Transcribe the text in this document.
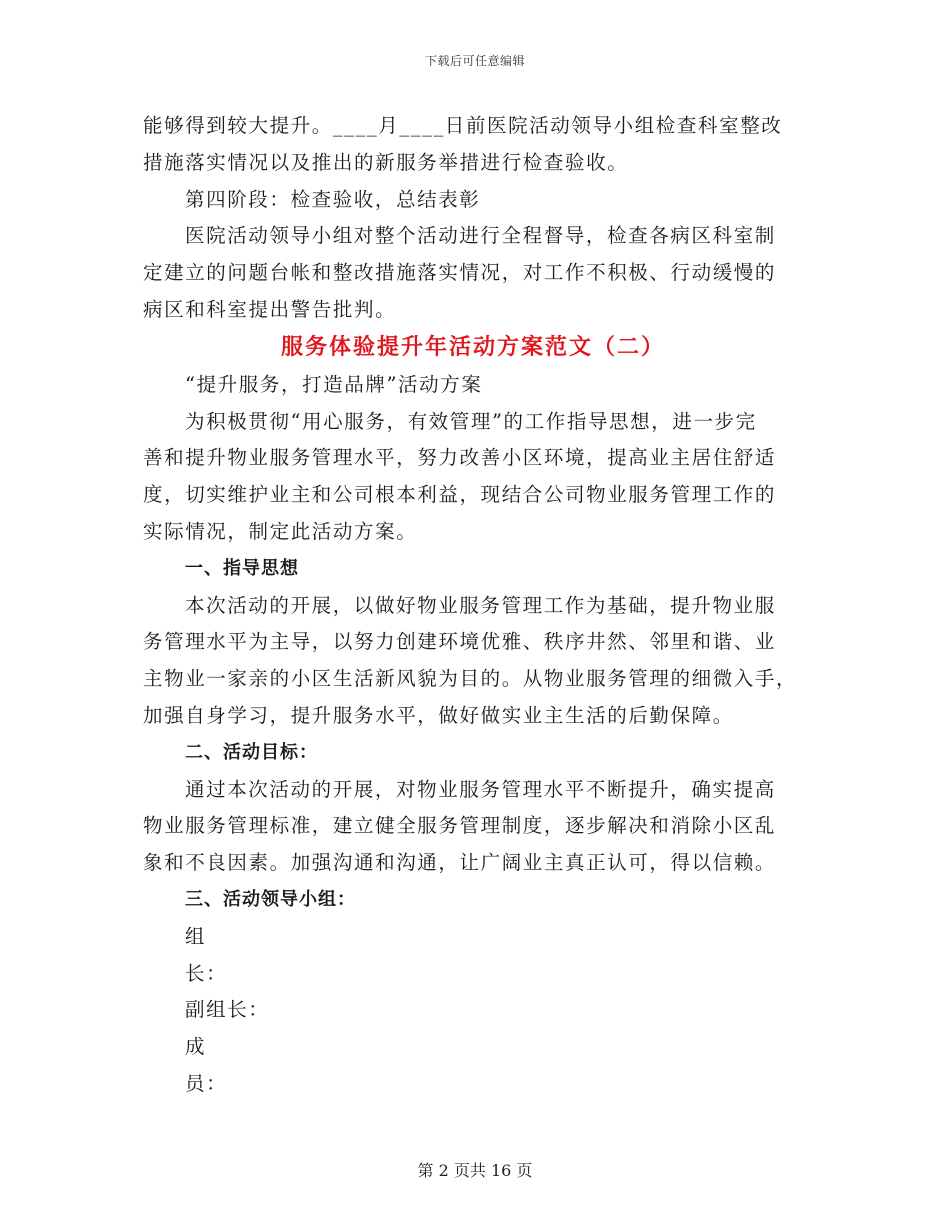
下载后可任意编辑

能够得到较大提升。____月____日前医院活动领导小组检查科室整改

措施落实情况以及推出的新服务举措进行检查验收。

第四阶段：检查验收，总结表彰

医院活动领导小组对整个活动进行全程督导，检查各病区科室制

定建立的问题台帐和整改措施落实情况，对工作不积极、行动缓慢的

病区和科室提出警告批判。

服务体验提升年活动方案范文（二）

“提升服务，打造品牌”活动方案

为积极贯彻“用心服务，有效管理”的工作指导思想，进一步完

善和提升物业服务管理水平，努力改善小区环境，提高业主居住舒适

度，切实维护业主和公司根本利益，现结合公司物业服务管理工作的

实际情况，制定此活动方案。

一、指导思想

本次活动的开展，以做好物业服务管理工作为基础，提升物业服

务管理水平为主导，以努力创建环境优雅、秩序井然、邻里和谐、业

主物业一家亲的小区生活新风貌为目的。从物业服务管理的细微入手，

加强自身学习，提升服务水平，做好做实业主生活的后勤保障。

二、活动目标：

通过本次活动的开展，对物业服务管理水平不断提升，确实提高

物业服务管理标准，建立健全服务管理制度，逐步解决和消除小区乱

象和不良因素。加强沟通和沟通，让广阔业主真正认可，得以信赖。

三、活动领导小组：

组

长：

副组长：

成

员：

第 2 页共 16 页
